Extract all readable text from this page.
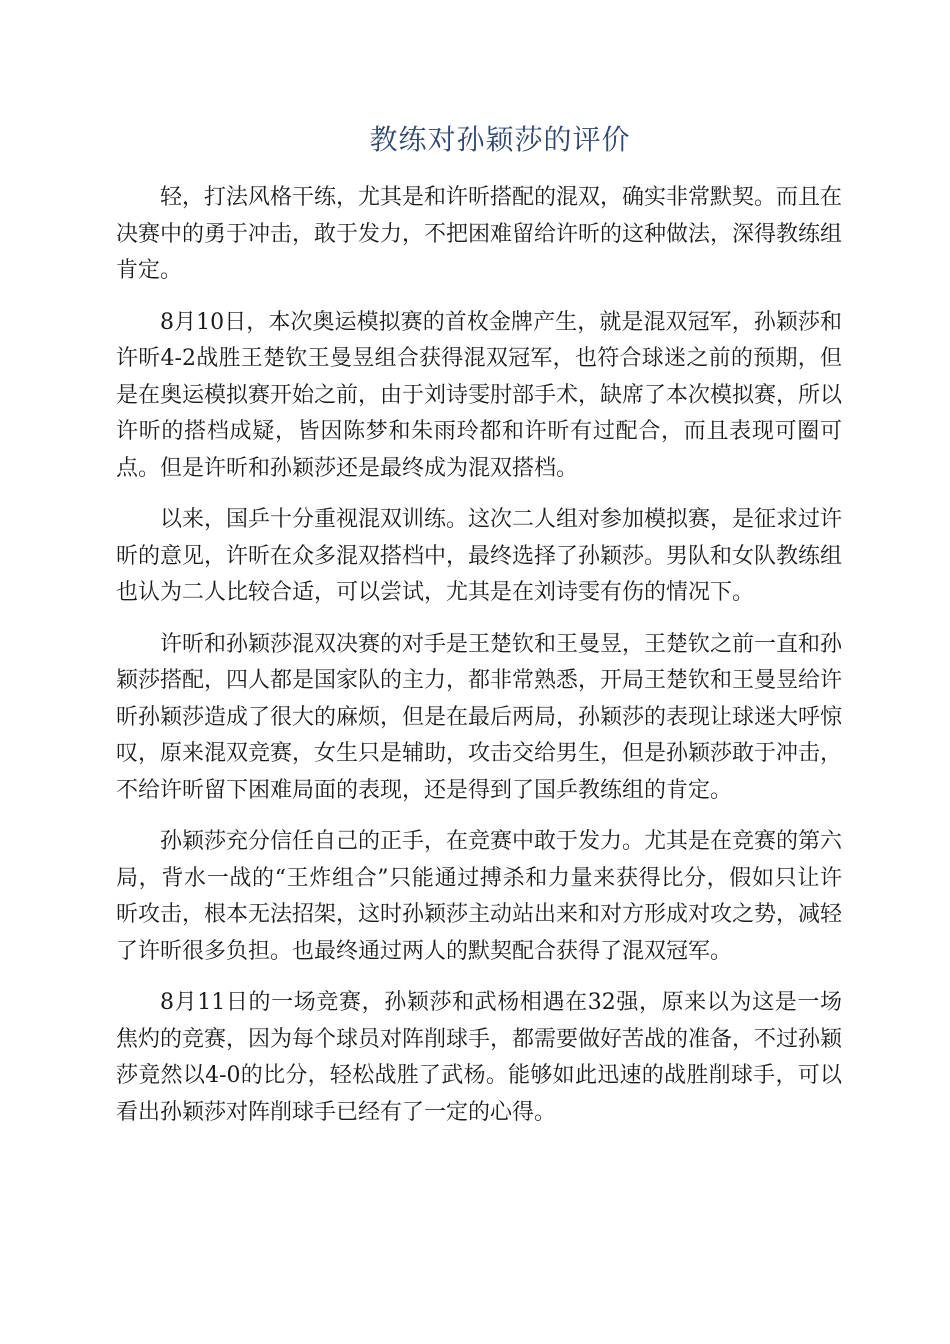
教练对孙颖莎的评价

轻，打法风格干练，尤其是和许昕搭配的混双，确实非常默契。而且在决赛中的勇于冲击，敢于发力，不把困难留给许昕的这种做法，深得教练组肯定。

8月10日，本次奥运模拟赛的首枚金牌产生，就是混双冠军，孙颖莎和许昕4-2战胜王楚钦王曼昱组合获得混双冠军，也符合球迷之前的预期，但是在奥运模拟赛开始之前，由于刘诗雯肘部手术，缺席了本次模拟赛，所以许昕的搭档成疑，皆因陈梦和朱雨玲都和许昕有过配合，而且表现可圈可点。但是许昕和孙颖莎还是最终成为混双搭档。

以来，国乒十分重视混双训练。这次二人组对参加模拟赛，是征求过许昕的意见，许昕在众多混双搭档中，最终选择了孙颖莎。男队和女队教练组也认为二人比较合适，可以尝试，尤其是在刘诗雯有伤的情况下。

许昕和孙颖莎混双决赛的对手是王楚钦和王曼昱，王楚钦之前一直和孙颖莎搭配，四人都是国家队的主力，都非常熟悉，开局王楚钦和王曼昱给许昕孙颖莎造成了很大的麻烦，但是在最后两局，孙颖莎的表现让球迷大呼惊叹，原来混双竞赛，女生只是辅助，攻击交给男生，但是孙颖莎敢于冲击，不给许昕留下困难局面的表现，还是得到了国乒教练组的肯定。

孙颖莎充分信任自己的正手，在竞赛中敢于发力。尤其是在竞赛的第六局，背水一战的“王炸组合”只能通过搏杀和力量来获得比分，假如只让许昕攻击，根本无法招架，这时孙颖莎主动站出来和对方形成对攻之势，减轻了许昕很多负担。也最终通过两人的默契配合获得了混双冠军。

8月11日的一场竞赛，孙颖莎和武杨相遇在32强，原来以为这是一场焦灼的竞赛，因为每个球员对阵削球手，都需要做好苦战的准备，不过孙颖莎竟然以4-0的比分，轻松战胜了武杨。能够如此迅速的战胜削球手，可以看出孙颖莎对阵削球手已经有了一定的心得。
